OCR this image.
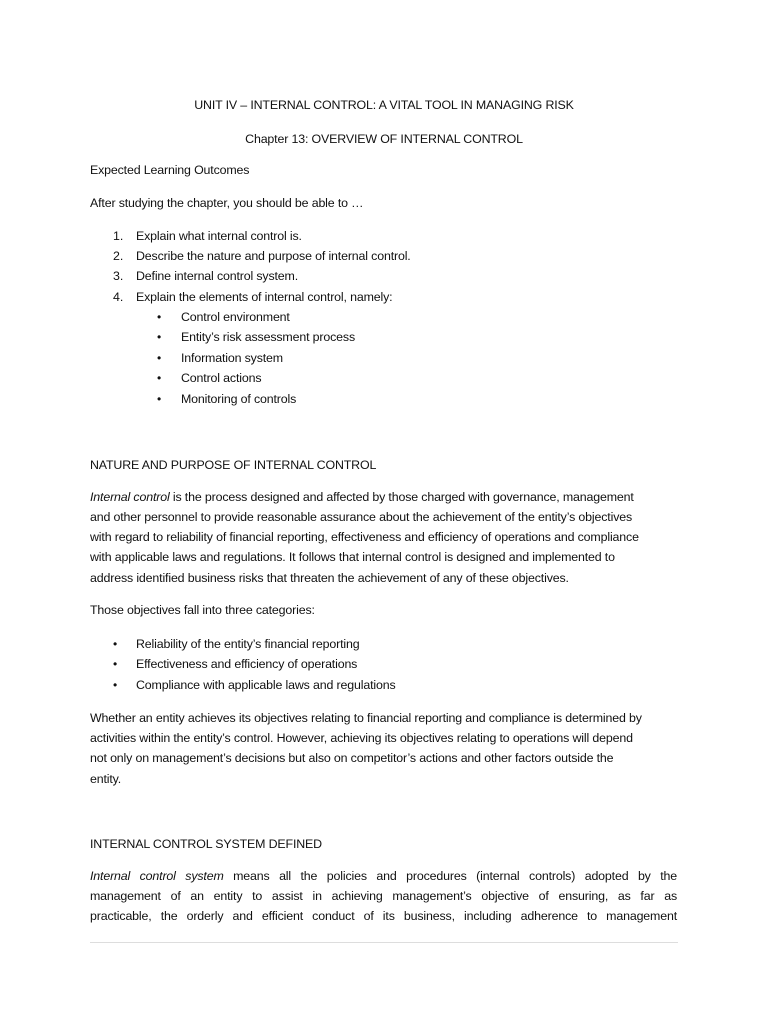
UNIT IV – INTERNAL CONTROL: A VITAL TOOL IN MANAGING RISK
Chapter 13: OVERVIEW OF INTERNAL CONTROL
Expected Learning Outcomes
After studying the chapter, you should be able to …
1. Explain what internal control is.
2. Describe the nature and purpose of internal control.
3. Define internal control system.
4. Explain the elements of internal control, namely:
• Control environment
• Entity’s risk assessment process
• Information system
• Control actions
• Monitoring of controls
NATURE AND PURPOSE OF INTERNAL CONTROL
Internal control is the process designed and affected by those charged with governance, management
and other personnel to provide reasonable assurance about the achievement of the entity’s objectives
with regard to reliability of financial reporting, effectiveness and efficiency of operations and compliance
with applicable laws and regulations. It follows that internal control is designed and implemented to
address identified business risks that threaten the achievement of any of these objectives.
Those objectives fall into three categories:
• Reliability of the entity’s financial reporting
• Effectiveness and efficiency of operations
• Compliance with applicable laws and regulations
Whether an entity achieves its objectives relating to financial reporting and compliance is determined by
activities within the entity’s control. However, achieving its objectives relating to operations will depend
not only on management’s decisions but also on competitor’s actions and other factors outside the
entity.
INTERNAL CONTROL SYSTEM DEFINED
Internal control system means all the policies and procedures (internal controls) adopted by the
management of an entity to assist in achieving management’s objective of ensuring, as far as
practicable, the orderly and efficient conduct of its business, including adherence to management
